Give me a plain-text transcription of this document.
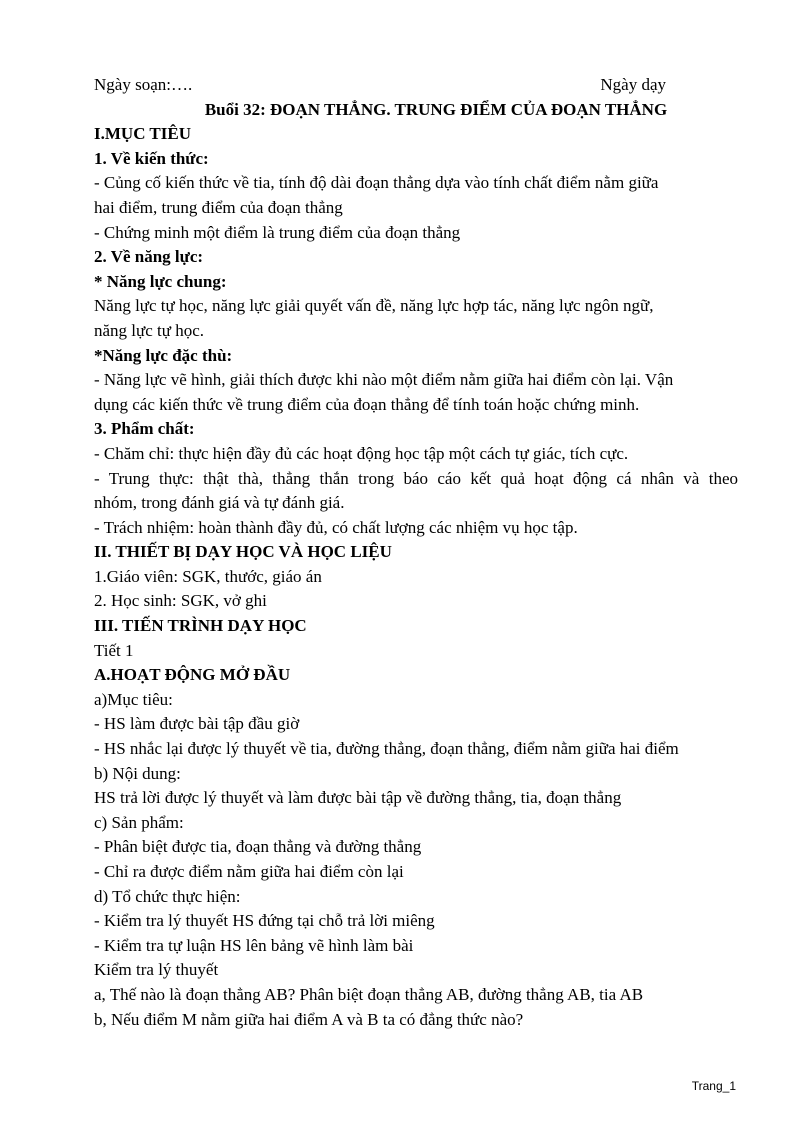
Ngày soạn:….	Ngày dạy
Buổi 32: ĐOẠN THẲNG. TRUNG ĐIỂM CỦA ĐOẠN THẲNG
I.MỤC TIÊU
1. Về kiến thức:
- Củng cố kiến thức về tia, tính độ dài đoạn thẳng dựa vào tính chất điểm nằm giữa
hai điểm, trung điểm của đoạn thẳng
- Chứng minh một điểm là trung điểm của đoạn thẳng
2. Về năng lực:
* Năng lực chung:
Năng lực tự học, năng lực giải quyết vấn đề, năng lực hợp tác, năng lực ngôn ngữ,
năng lực tự học.
*Năng lực đặc thù:
- Năng lực vẽ hình, giải thích được khi nào một điểm nằm giữa hai điểm còn lại. Vận
dụng các kiến thức về trung điểm của đoạn thẳng để tính toán hoặc chứng minh.
3. Phẩm chất:
- Chăm chỉ: thực hiện đầy đủ các hoạt động học tập một cách tự giác, tích cực.
- Trung thực: thật thà, thẳng thắn trong báo cáo kết quả hoạt động cá nhân và theo
nhóm, trong đánh giá và tự đánh giá.
- Trách nhiệm: hoàn thành đầy đủ, có chất lượng các nhiệm vụ học tập.
II. THIẾT BỊ DẠY HỌC VÀ HỌC LIỆU
1.Giáo viên: SGK, thước, giáo án
2. Học sinh: SGK, vở ghi
III. TIẾN TRÌNH DẠY HỌC
Tiết 1
A.HOẠT ĐỘNG MỞ ĐẦU
a)Mục tiêu:
- HS làm được bài tập đầu giờ
- HS nhắc lại được lý thuyết về tia, đường thẳng, đoạn thẳng, điểm nằm giữa hai điểm
b) Nội dung:
HS trả lời được lý thuyết và làm được bài tập về đường thẳng, tia, đoạn thẳng
c) Sản phẩm:
- Phân biệt được tia, đoạn thẳng và đường thẳng
- Chỉ ra được điểm nằm giữa hai điểm còn lại
d) Tổ chức thực hiện:
- Kiểm tra lý thuyết HS đứng tại chỗ trả lời miêng
- Kiểm tra tự luận HS lên bảng vẽ hình làm bài
Kiểm tra lý thuyết
a, Thế nào là đoạn thẳng AB? Phân biệt đoạn thẳng AB, đường thẳng AB, tia AB
b, Nếu điểm M nằm giữa hai điểm A và B ta có đẳng thức nào?
Trang_1
